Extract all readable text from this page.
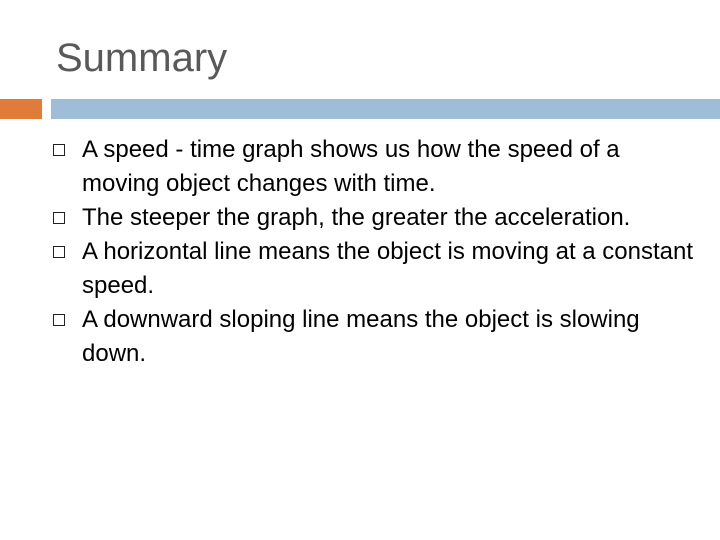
Summary
A speed - time graph shows us how the speed of a moving object changes with time.
The steeper the graph, the greater the acceleration.
A horizontal line means the object is moving at a constant speed.
A downward sloping line means the object is slowing down.
